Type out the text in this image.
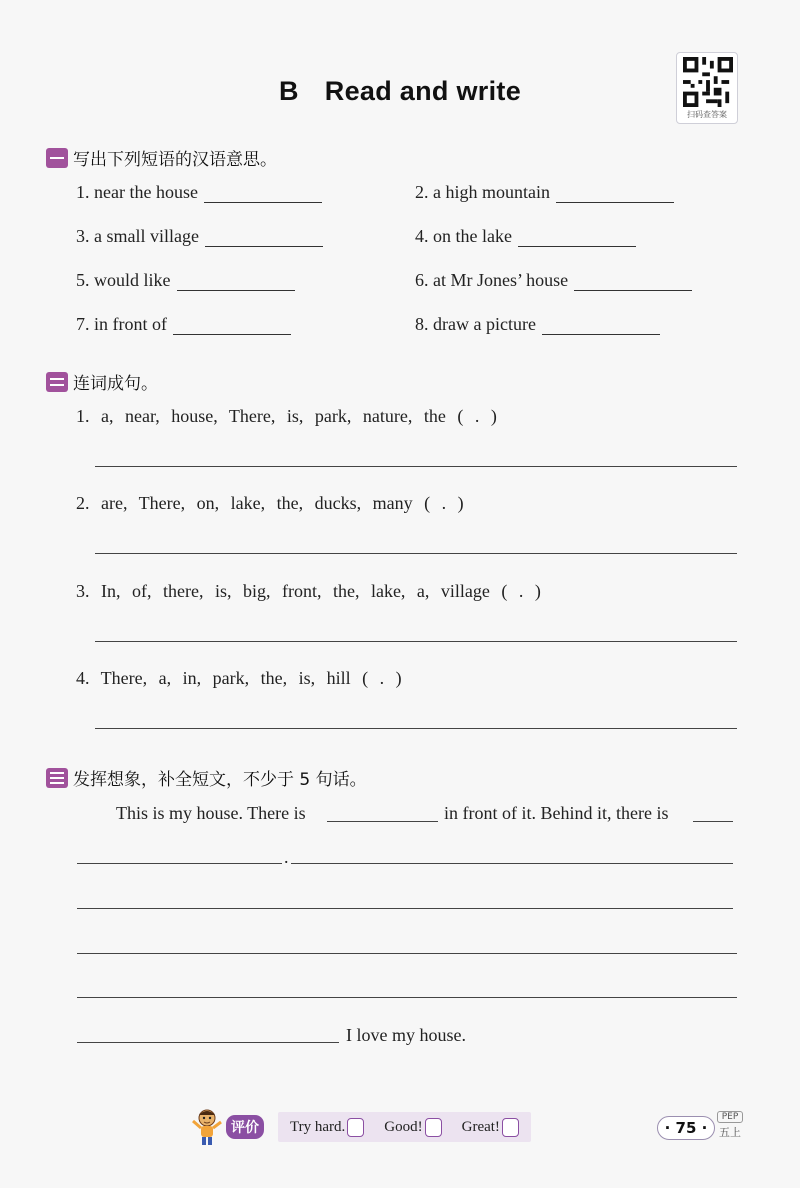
B Read and write
扫码查答案
写出下列短语的汉语意思。
1. near the house	2. a high mountain
3. a small village	4. on the lake
5. would like	6. at Mr Jones’ house
7. in front of	8. draw a picture
连词成句。
1. a, near, house, There, is, park, nature, the ( . )
2. are, There, on, lake, the, ducks, many ( . )
3. In, of, there, is, big, front, the, lake, a, village ( . )
4. There, a, in, park, the, is, hill ( . )
发挥想象，补全短文，不少于 5 句话。
This is my house. There is	in front of it. Behind it, there is
.
I love my house.
评价	Try hard.	Good!	Great!	· 75 ·
PEP
五上
